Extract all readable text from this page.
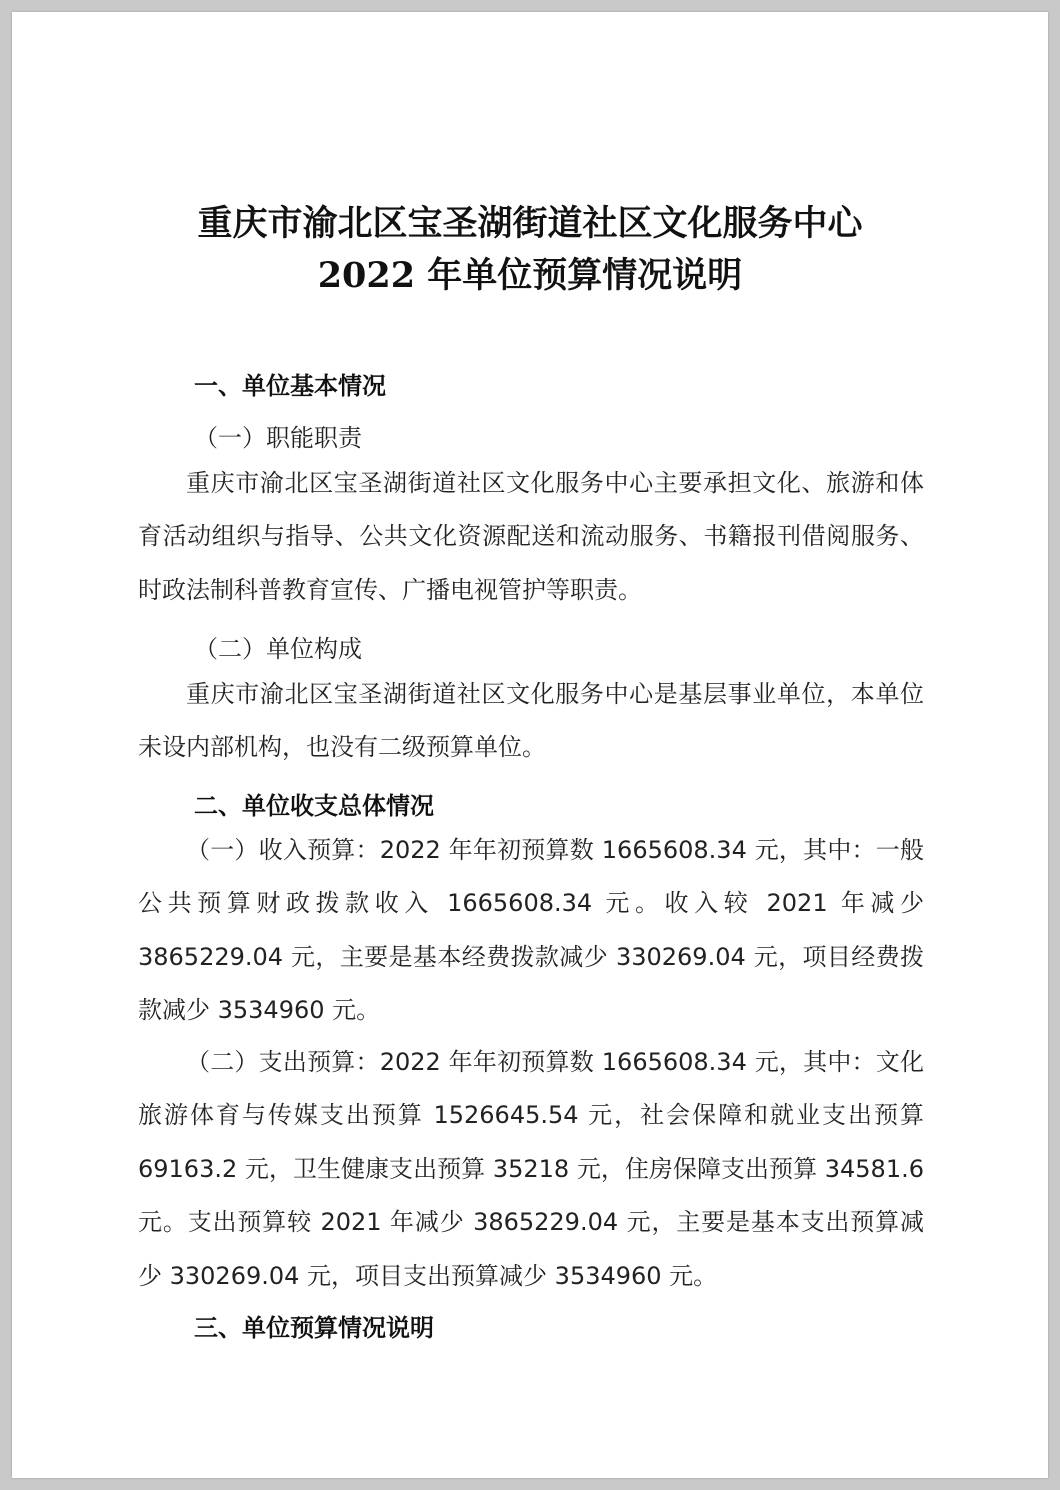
重庆市渝北区宝圣湖街道社区文化服务中心
2022 年单位预算情况说明
一、单位基本情况
（一）职能职责
重庆市渝北区宝圣湖街道社区文化服务中心主要承担文化、旅游和体育活动组织与指导、公共文化资源配送和流动服务、书籍报刊借阅服务、时政法制科普教育宣传、广播电视管护等职责。
（二）单位构成
重庆市渝北区宝圣湖街道社区文化服务中心是基层事业单位，本单位未设内部机构，也没有二级预算单位。
二、单位收支总体情况
（一）收入预算：2022 年年初预算数 1665608.34 元，其中：一般公共预算财政拨款收入 1665608.34 元。收入较 2021 年减少 3865229.04 元，主要是基本经费拨款减少 330269.04 元，项目经费拨款减少 3534960 元。
（二）支出预算：2022 年年初预算数 1665608.34 元，其中：文化旅游体育与传媒支出预算 1526645.54 元，社会保障和就业支出预算 69163.2 元，卫生健康支出预算 35218 元，住房保障支出预算 34581.6 元。支出预算较 2021 年减少 3865229.04 元，主要是基本支出预算减少 330269.04 元，项目支出预算减少 3534960 元。
三、单位预算情况说明
